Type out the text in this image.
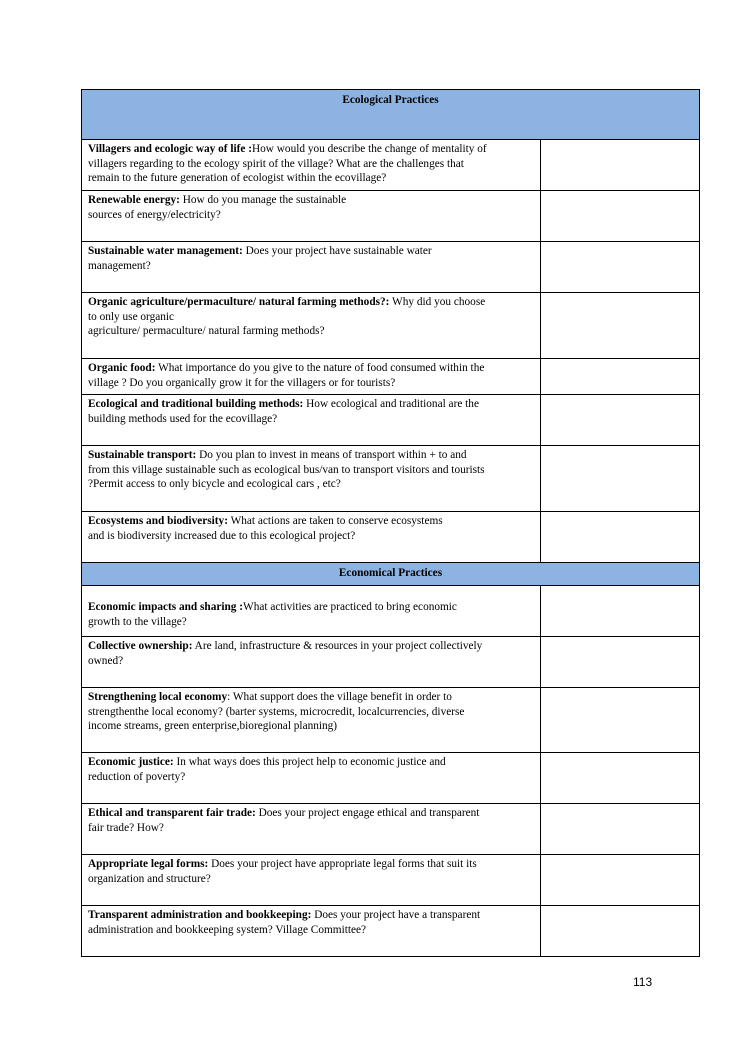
Ecological Practices	
Villagers and ecologic way of life :How would you describe the change of mentality of
villagers regarding to the ecology spirit of the village? What are the challenges that
remain to the future generation of ecologist within the ecovillage?	
Renewable energy: How do you manage the sustainable
sources of energy/electricity?	
Sustainable water management: Does your project have sustainable water
management?	
Organic agriculture/permaculture/ natural farming methods?: Why did you choose
to only use organic
agriculture/ permaculture/ natural farming methods?	
Organic food: What importance do you give to the nature of food consumed within the
village ? Do you organically grow it for the villagers or for tourists?	
Ecological and traditional building methods: How ecological and traditional are the
building methods used for the ecovillage?	
Sustainable transport: Do you plan to invest in means of transport within + to and
from this village sustainable such as ecological bus/van to transport visitors and tourists
?Permit access to only bicycle and ecological cars , etc?	
Ecosystems and biodiversity: What actions are taken to conserve ecosystems
and is biodiversity increased due to this ecological project?	
Economical Practices	
Economic impacts and sharing :What activities are practiced to bring economic
growth to the village?	
Collective ownership: Are land, infrastructure & resources in your project collectively
owned?	
Strengthening local economy: What support does the village benefit in order to
strengthenthe local economy? (barter systems, microcredit, localcurrencies, diverse
income streams, green enterprise,bioregional planning)	
Economic justice: In what ways does this project help to economic justice and
reduction of poverty?	
Ethical and transparent fair trade: Does your project engage ethical and transparent
fair trade? How?	
Appropriate legal forms: Does your project have appropriate legal forms that suit its
organization and structure?	
Transparent administration and bookkeeping: Does your project have a transparent
administration and bookkeeping system? Village Committee?	
113
